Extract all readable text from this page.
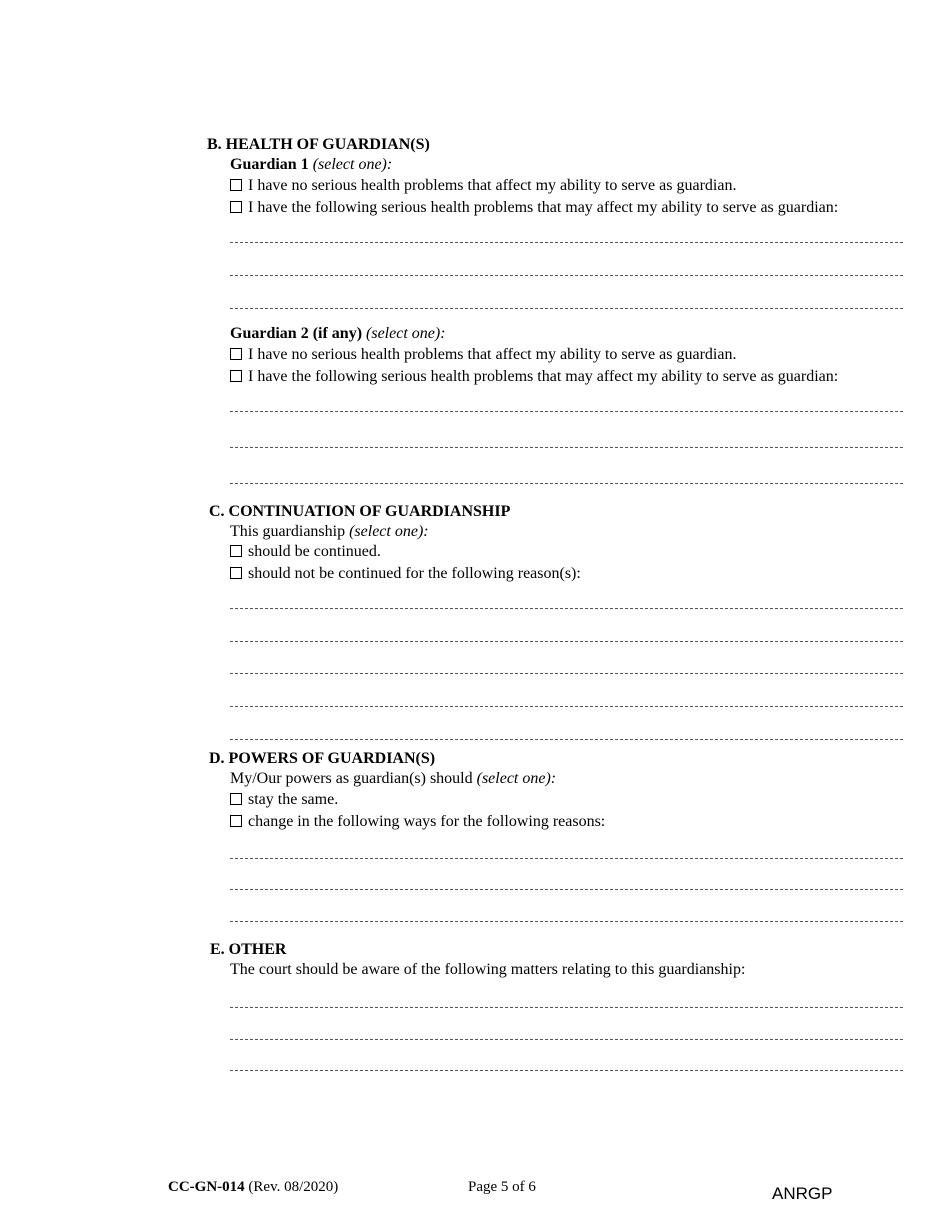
B. HEALTH OF GUARDIAN(S)
Guardian 1 (select one):
I have no serious health problems that affect my ability to serve as guardian.
I have the following serious health problems that may affect my ability to serve as guardian:
Guardian 2 (if any) (select one):
I have no serious health problems that affect my ability to serve as guardian.
I have the following serious health problems that may affect my ability to serve as guardian:
C. CONTINUATION OF GUARDIANSHIP
This guardianship (select one):
should be continued.
should not be continued for the following reason(s):
D. POWERS OF GUARDIAN(S)
My/Our powers as guardian(s) should (select one):
stay the same.
change in the following ways for the following reasons:
E. OTHER
The court should be aware of the following matters relating to this guardianship:
CC-GN-014 (Rev. 08/2020)	Page 5 of 6	ANRGP
